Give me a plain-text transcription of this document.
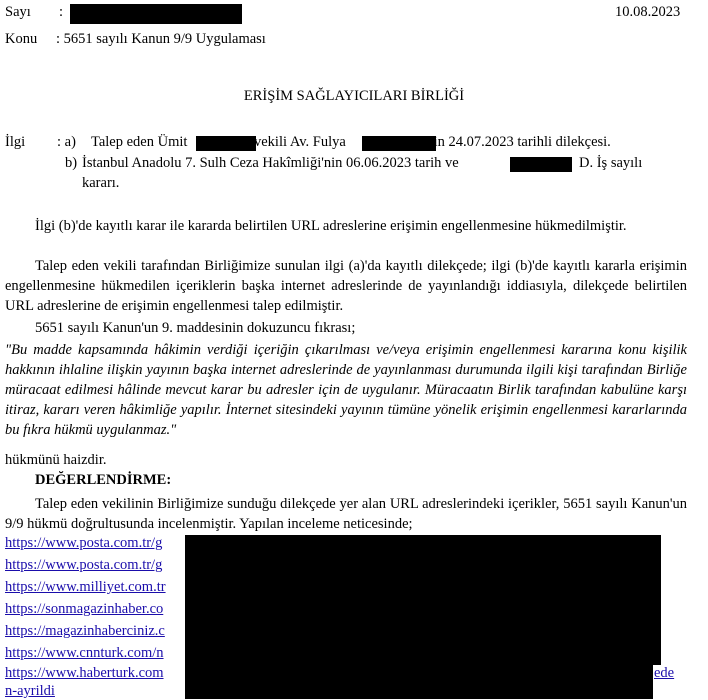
Sayı :	10.08.2023
Konu : 5651 sayılı Kanun 9/9 Uygulaması
ERİŞİM SAĞLAYICILARI BİRLİĞİ
İlgi : a) Talep eden Ümit	vekili Av. Fulya	'in 24.07.2023 tarihli dilekçesi.
b) İstanbul Anadolu 7. Sulh Ceza Hakîmliği'nin 06.06.2023 tarih ve	D. İş sayılı
kararı.
İlgi (b)'de kayıtlı karar ile kararda belirtilen URL adreslerine erişimin engellenmesine hükmedilmiştir.
Talep eden vekili tarafından Birliğimize sunulan ilgi (a)'da kayıtlı dilekçede; ilgi (b)'de kayıtlı kararla erişimin engellenmesine hükmedilen içeriklerin başka internet adreslerinde de yayınlandığı iddiasıyla, dilekçede belirtilen URL adreslerine de erişimin engellenmesi talep edilmiştir.
5651 sayılı Kanun'un 9. maddesinin dokuzuncu fıkrası;
"Bu madde kapsamında hâkimin verdiği içeriğin çıkarılması ve/veya erişimin engellenmesi kararına konu kişilik hakkının ihlaline ilişkin yayının başka internet adreslerinde de yayınlanması durumunda ilgili kişi tarafından Birliğe müracaat edilmesi hâlinde mevcut karar bu adresler için de uygulanır. Müracaatın Birlik tarafından kabulüne karşı itiraz, kararı veren hâkimliğe yapılır. İnternet sitesindeki yayının tümüne yönelik erişimin engellenmesi kararlarında bu fıkra hükmü uygulanmaz."
hükmünü haizdir.
DEĞERLENDİRME:
Talep eden vekilinin Birliğimize sunduğu dilekçede yer alan URL adreslerindeki içerikler, 5651 sayılı Kanun'un 9/9 hükmü doğrultusunda incelenmiştir. Yapılan inceleme neticesinde;
https://www.posta.com.tr/g
https://www.posta.com.tr/g
https://www.milliyet.com.tr
https://sonmagazinhaber.co
https://magazinhaberciniz.c
https://www.cnnturk.com/n
https://www.haberturk.com	ede
n-ayrildi
